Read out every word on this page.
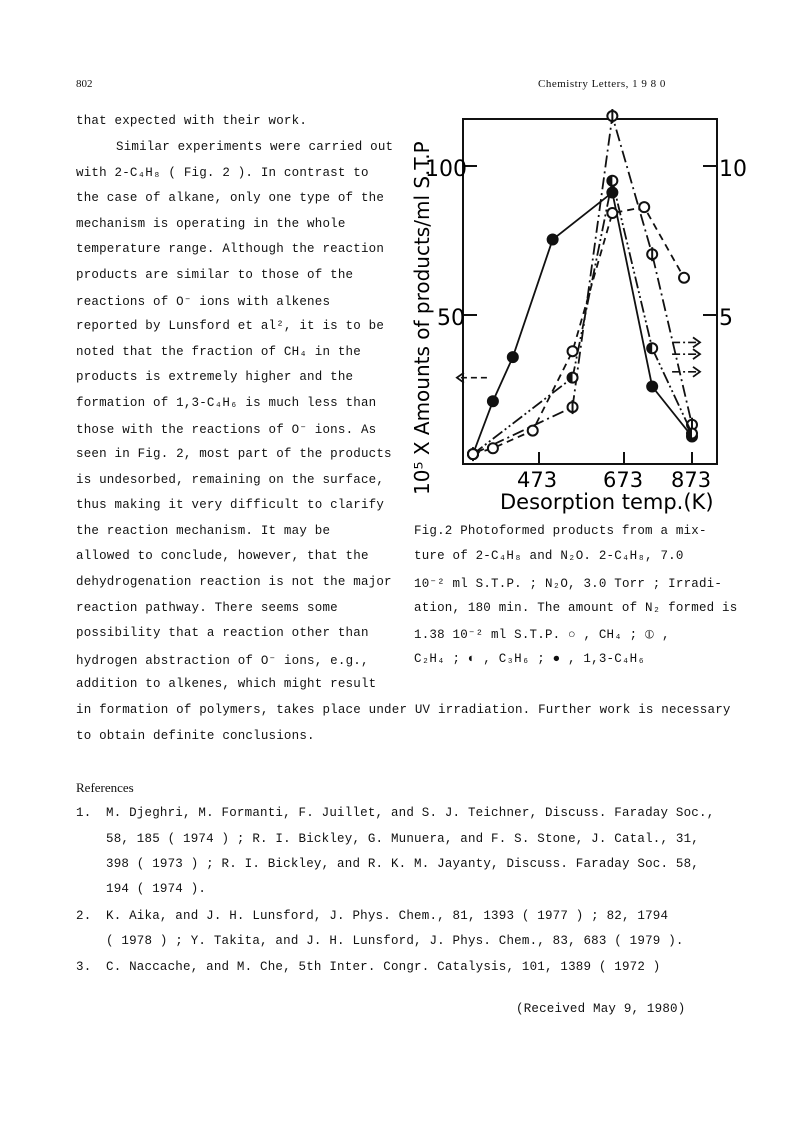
802	Chemistry Letters, 1 9 8 0
that expected with their work.
Similar experiments were carried out
with 2-C₄H₈ ( Fig. 2 ). In contrast to
the case of alkane, only one type of the
mechanism is operating in the whole
temperature range. Although the reaction
products are similar to those of the
reactions of O⁻ ions with alkenes
reported by Lunsford et al², it is to be
noted that the fraction of CH₄ in the
products is extremely higher and the
formation of 1,3-C₄H₆ is much less than
those with the reactions of O⁻ ions. As
seen in Fig. 2, most part of the products
is undesorbed, remaining on the surface,
thus making it very difficult to clarify
the reaction mechanism. It may be
allowed to conclude, however, that the
dehydrogenation reaction is not the major
reaction pathway. There seems some
possibility that a reaction other than
hydrogen abstraction of O⁻ ions, e.g.,
addition to alkenes, which might result
in formation of polymers, takes place under UV irradiation. Further work is necessary
to obtain definite conclusions.
100
50
10
5
473 673 873
Desorption temp.(K)
10⁵ X Amounts of products/ml S.T.P
Fig.2 Photoformed products from a mix-
ture of 2-C₄H₈ and N₂O. 2-C₄H₈, 7.0
10⁻² ml S.T.P. ; N₂O, 3.0 Torr ; Irradi-
ation, 180 min. The amount of N₂ formed is
1.38 10⁻² ml S.T.P. ○ , CH₄ ; ⦶ ,
C₂H₄ ; ◐ , C₃H₆ ; ● , 1,3-C₄H₆
References
1. M. Djeghri, M. Formanti, F. Juillet, and S. J. Teichner, Discuss. Faraday Soc.,
58, 185 ( 1974 ) ; R. I. Bickley, G. Munuera, and F. S. Stone, J. Catal., 31,
398 ( 1973 ) ; R. I. Bickley, and R. K. M. Jayanty, Discuss. Faraday Soc. 58,
194 ( 1974 ).
2. K. Aika, and J. H. Lunsford, J. Phys. Chem., 81, 1393 ( 1977 ) ; 82, 1794
( 1978 ) ; Y. Takita, and J. H. Lunsford, J. Phys. Chem., 83, 683 ( 1979 ).
3. C. Naccache, and M. Che, 5th Inter. Congr. Catalysis, 101, 1389 ( 1972 )
(Received May 9, 1980)
